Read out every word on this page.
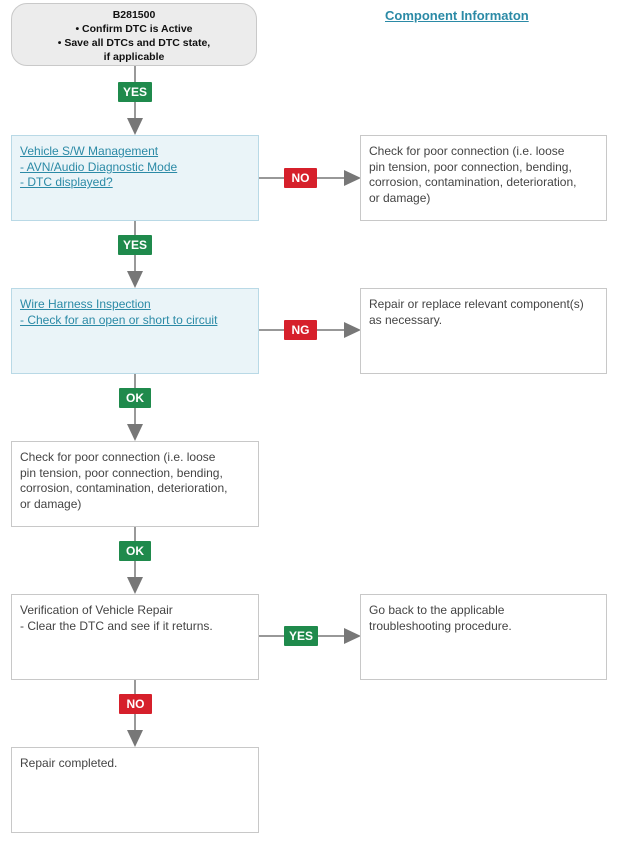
B281500
• Confirm DTC is Active
• Save all DTCs and DTC state,
if applicable
Component Informaton
Vehicle S/W Management
- AVN/Audio Diagnostic Mode
- DTC displayed?
Check for poor connection (i.e. loose
pin tension, poor connection, bending,
corrosion, contamination, deterioration,
or damage)
Wire Harness Inspection
- Check for an open or short to circuit
Repair or replace relevant component(s)
as necessary.
Check for poor connection (i.e. loose
pin tension, poor connection, bending,
corrosion, contamination, deterioration,
or damage)
Verification of Vehicle Repair
- Clear the DTC and see if it returns.
Go back to the applicable
troubleshooting procedure.
Repair completed.
YES
YES
NO
NG
OK
OK
YES
NO
